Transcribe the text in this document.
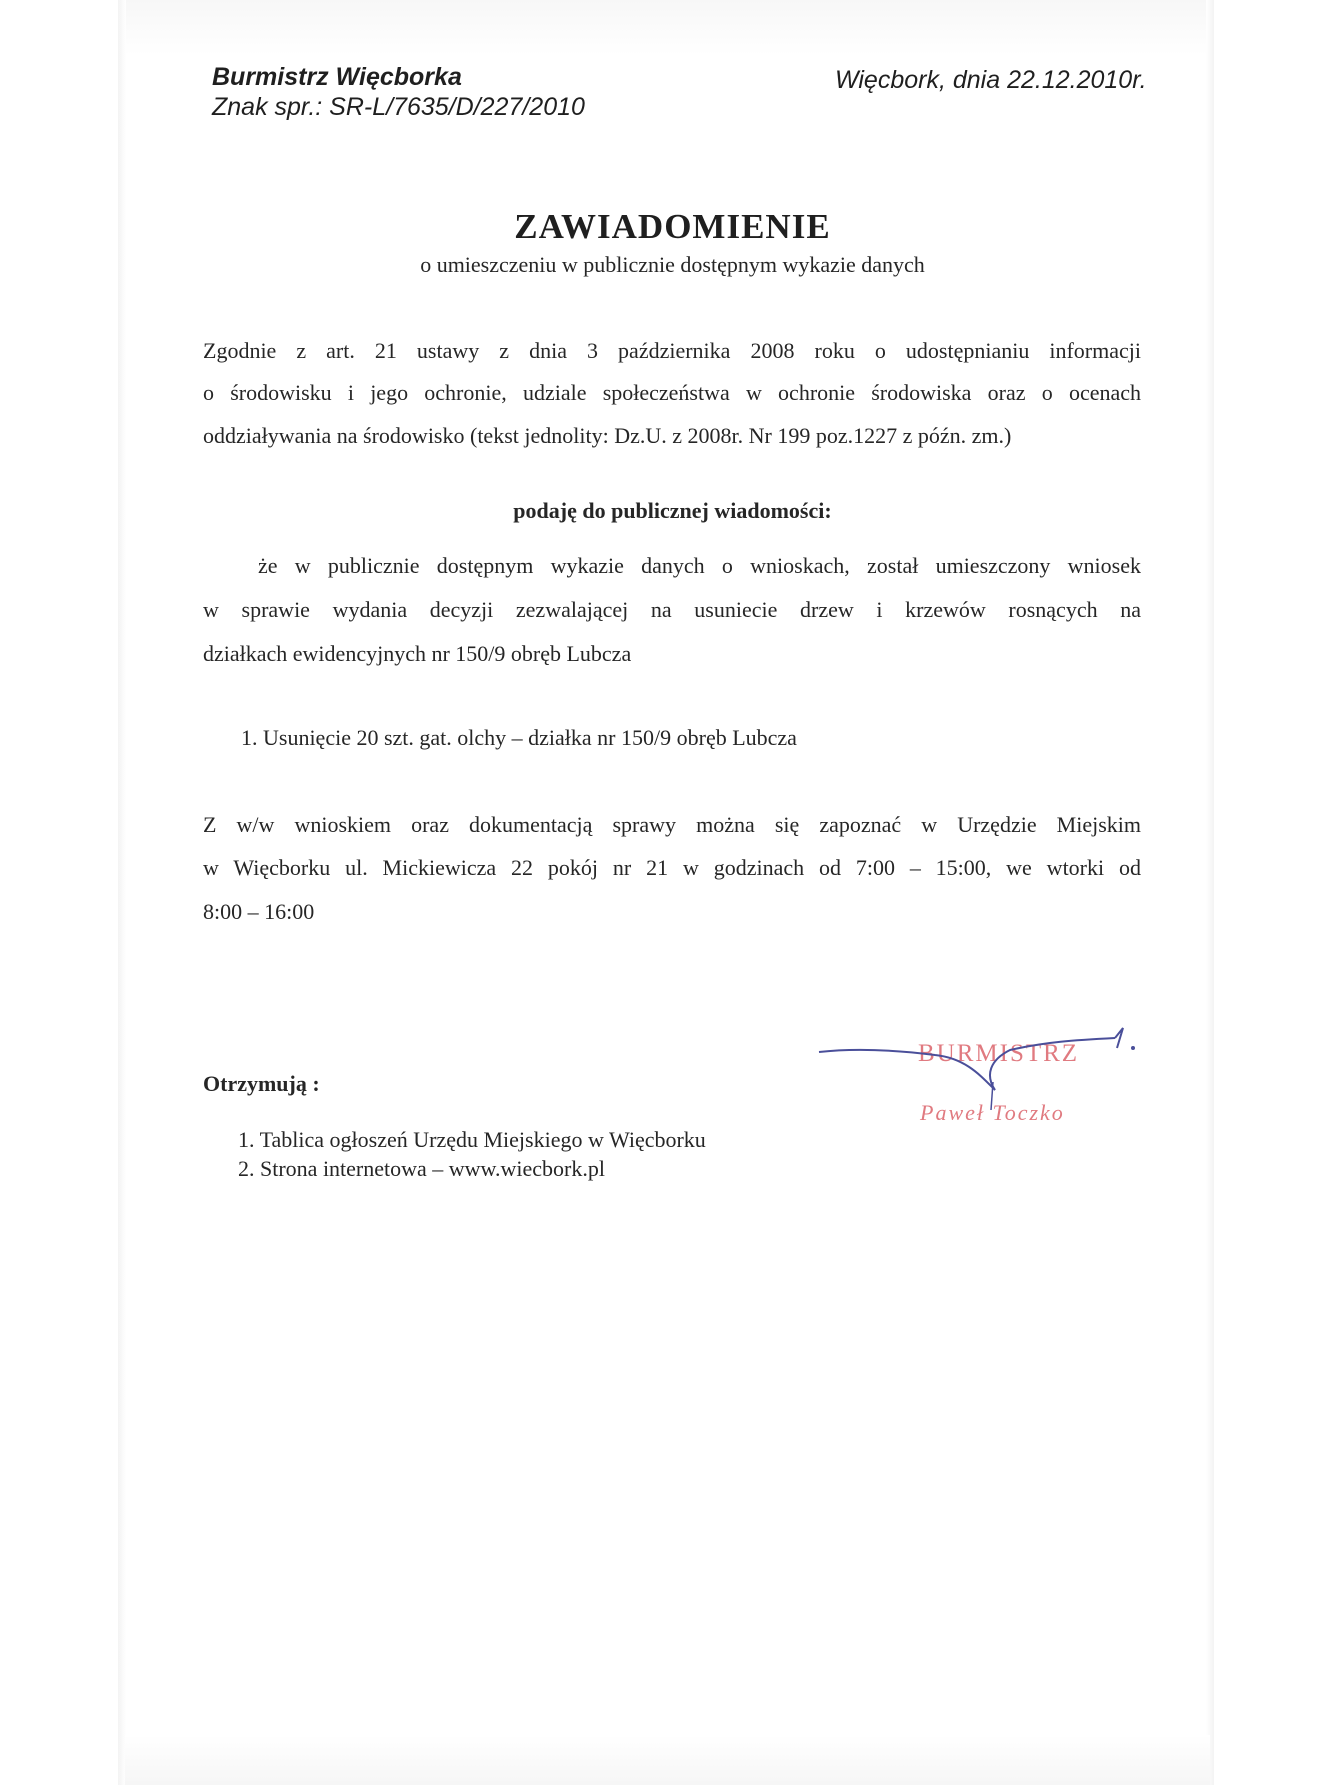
Burmistrz Więcborka
Znak spr.: SR-L/7635/D/227/2010
Więcbork, dnia 22.12.2010r.
ZAWIADOMIENIE
o umieszczeniu w publicznie dostępnym wykazie danych
Zgodnie z art. 21 ustawy z dnia 3 października 2008 roku o udostępnianiu informacji
o środowisku i jego ochronie, udziale społeczeństwa w ochronie środowiska oraz o ocenach
oddziaływania na środowisko (tekst jednolity: Dz.U. z 2008r. Nr 199 poz.1227 z późn. zm.)
podaję do publicznej wiadomości:
że w publicznie dostępnym wykazie danych o wnioskach, został umieszczony wniosek
w sprawie wydania decyzji zezwalającej na usuniecie drzew i krzewów rosnących na
działkach ewidencyjnych nr 150/9 obręb Lubcza
1. Usunięcie 20 szt. gat. olchy – działka nr 150/9 obręb Lubcza
Z w/w wnioskiem oraz dokumentacją sprawy można się zapoznać w Urzędzie Miejskim
w Więcborku ul. Mickiewicza 22 pokój nr 21 w godzinach od 7:00 – 15:00, we wtorki od
8:00 – 16:00
Otrzymują :
1. Tablica ogłoszeń Urzędu Miejskiego w Więcborku
2. Strona internetowa – www.wiecbork.pl
BURMISTRZ
Paweł Toczko
